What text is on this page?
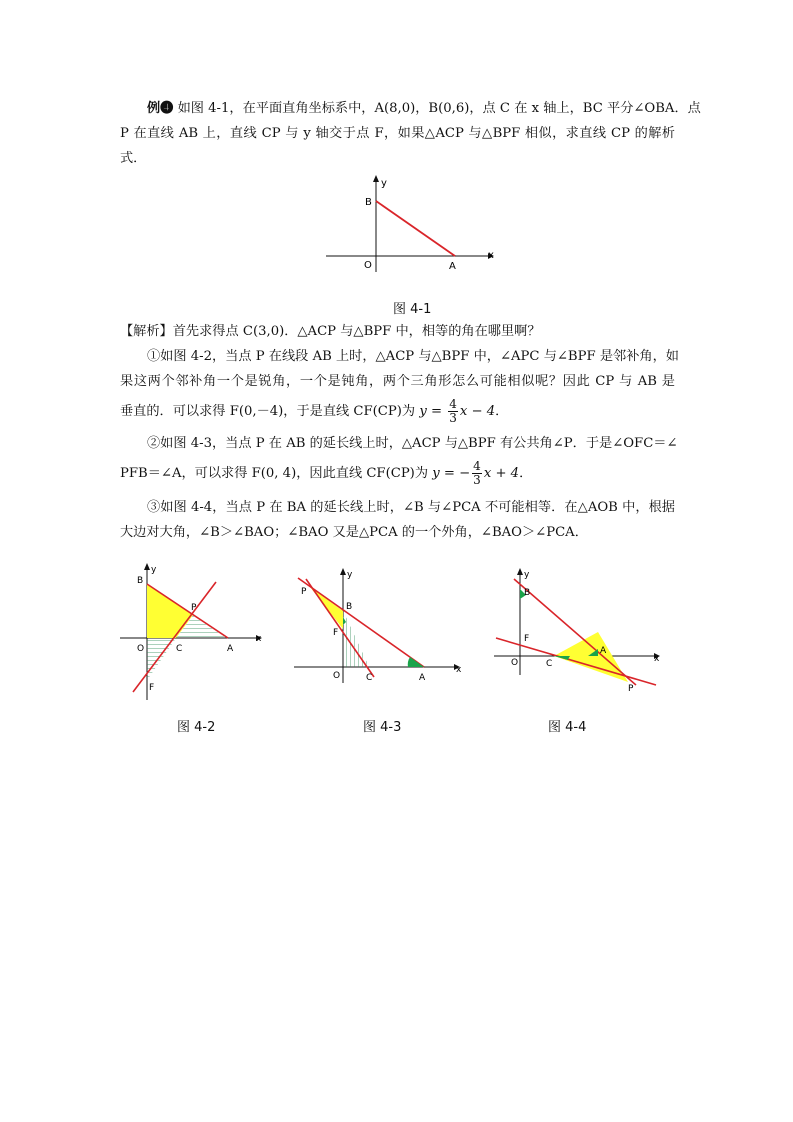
例❹ 如图 4-1，在平面直角坐标系中，A(8,0)，B(0,6)，点 C 在 x 轴上，BC 平分∠OBA．点
P 在直线 AB 上，直线 CP 与 y 轴交于点 F，如果△ACP 与△BPF 相似，求直线 CP 的解析
式．
y
x
B
O	A
图 4-1
【解析】首先求得点 C(3,0)．△ACP 与△BPF 中，相等的角在哪里啊？
①如图 4-2，当点 P 在线段 AB 上时，△ACP 与△BPF 中，∠APC 与∠BPF 是邻补角，如
果这两个邻补角一个是锐角，一个是钝角，两个三角形怎么可能相似呢？因此 CP 与 AB 是
垂直的．可以求得 F(0,－4)，于是直线 CF(CP)为 $y = \frac{4}{3}$ x − 4．
②如图 4-3，当点 P 在 AB 的延长线上时，△ACP 与△BPF 有公共角∠P．于是∠OFC＝∠
PFB＝∠A，可以求得 F(0, 4)，因此直线 CF(CP)为 y = − $\frac{4}{3}$ x + 4．
③如图 4-4，当点 P 在 BA 的延长线上时，∠B 与∠PCA 不可能相等．在△AOB 中，根据
大边对大角，∠B＞∠BAO；∠BAO 又是△PCA 的一个外角，∠BAO＞∠PCA．
y
x
B
O	C	A
P
F
图 4-2
y
x
P
B
F
O	C	A
图 4-3
y
x
B
F
O	C
A
P
图 4-4
